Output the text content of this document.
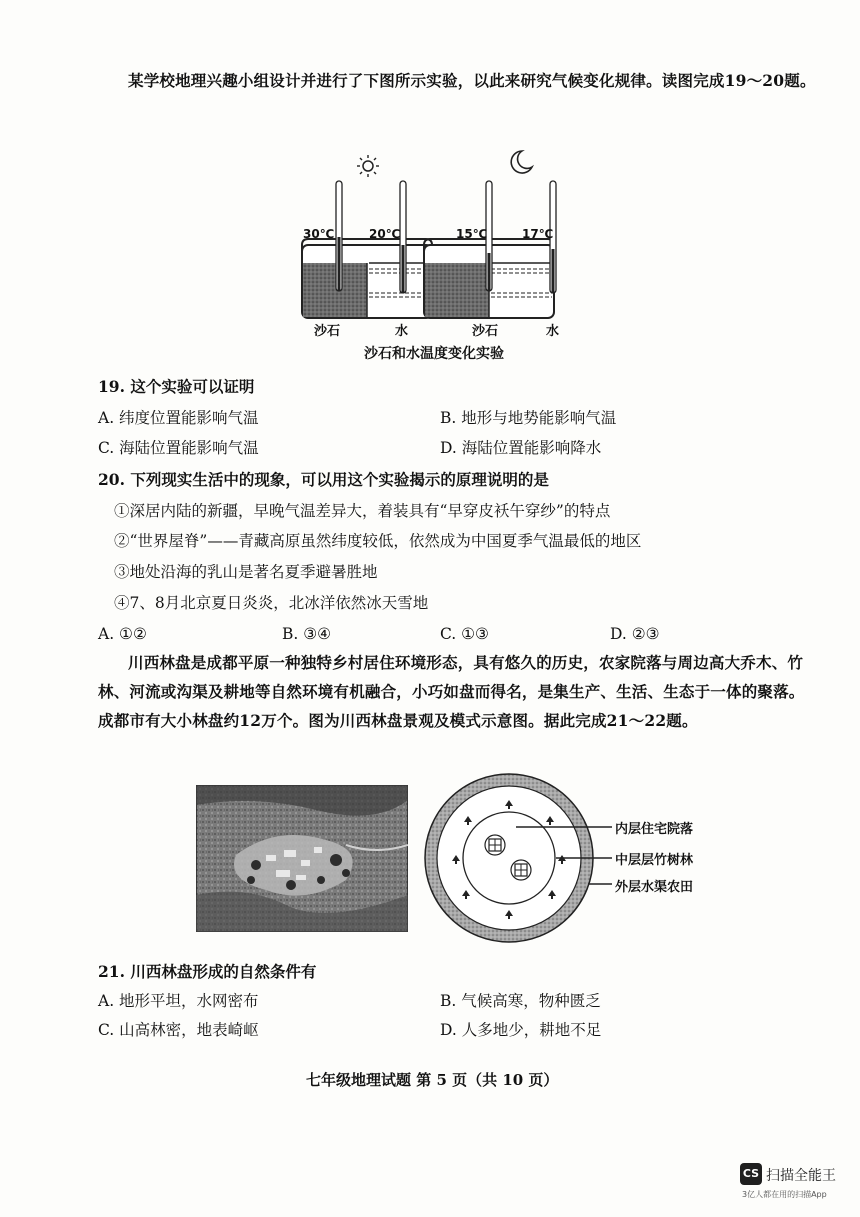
某学校地理兴趣小组设计并进行了下图所示实验，以此来研究气候变化规律。读图完成19～20题。
30℃	20℃	15℃	17℃
沙石	水	沙石	水
沙石和水温度变化实验
19. 这个实验可以证明
A. 纬度位置能影响气温	B. 地形与地势能影响气温
C. 海陆位置能影响气温	D. 海陆位置能影响降水
20. 下列现实生活中的现象，可以用这个实验揭示的原理说明的是
①深居内陆的新疆，早晚气温差异大，着装具有“早穿皮袄午穿纱”的特点
②“世界屋脊”——青藏高原虽然纬度较低，依然成为中国夏季气温最低的地区
③地处沿海的乳山是著名夏季避暑胜地
④7、8月北京夏日炎炎，北冰洋依然冰天雪地
A. ①②	B. ③④	C. ①③	D. ②③
川西林盘是成都平原一种独特乡村居住环境形态，具有悠久的历史，农家院落与周边高大乔木、竹林、河流或沟渠及耕地等自然环境有机融合，小巧如盘而得名，是集生产、生活、生态于一体的聚落。成都市有大小林盘约12万个。图为川西林盘景观及模式示意图。据此完成21～22题。
内层住宅院落
中层层竹树林
外层水渠农田
21. 川西林盘形成的自然条件有
A. 地形平坦，水网密布	B. 气候高寒，物种匮乏
C. 山高林密，地表崎岖	D. 人多地少，耕地不足
七年级地理试题 第 5 页（共 10 页）
CS 扫描全能王
3亿人都在用的扫描App
